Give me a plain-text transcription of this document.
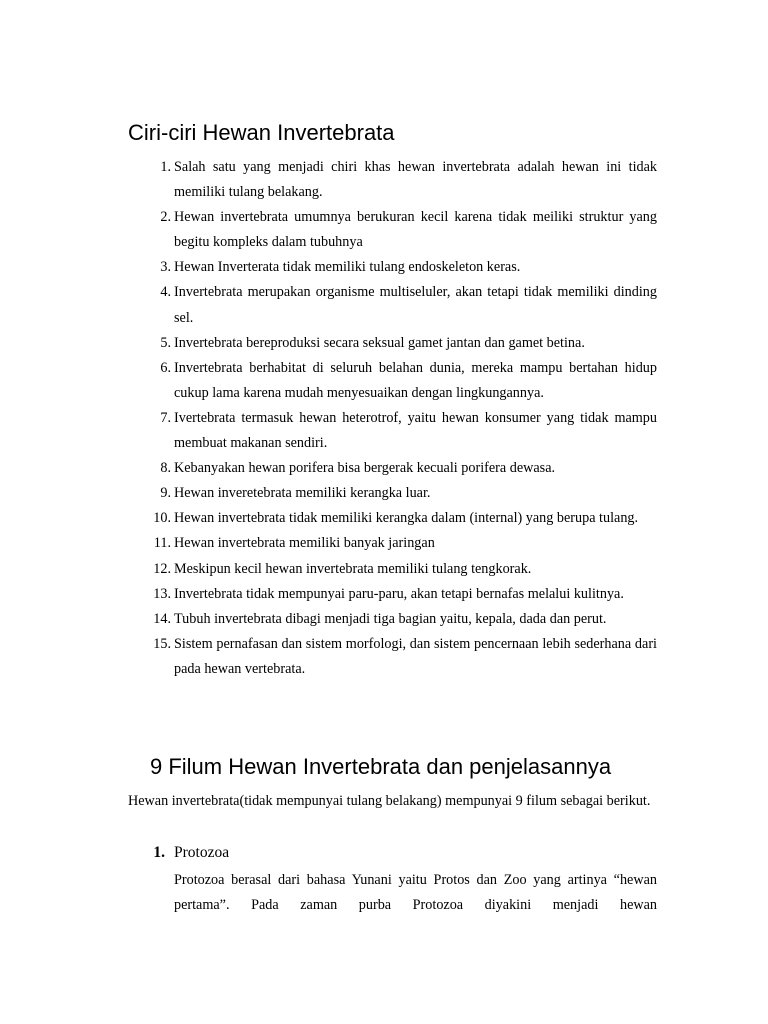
Ciri-ciri Hewan Invertebrata
1. Salah satu yang menjadi chiri khas hewan invertebrata adalah hewan ini tidak memiliki tulang belakang.
2. Hewan invertebrata umumnya berukuran kecil karena tidak meiliki struktur yang begitu kompleks dalam tubuhnya
3. Hewan Inverterata tidak memiliki tulang endoskeleton keras.
4. Invertebrata merupakan organisme multiseluler, akan tetapi tidak memiliki dinding sel.
5. Invertebrata bereproduksi secara seksual gamet jantan dan gamet betina.
6. Invertebrata berhabitat di seluruh belahan dunia, mereka mampu bertahan hidup cukup lama karena mudah menyesuaikan dengan lingkungannya.
7. Ivertebrata termasuk hewan heterotrof, yaitu hewan konsumer yang tidak mampu membuat makanan sendiri.
8. Kebanyakan hewan porifera bisa bergerak kecuali porifera dewasa.
9. Hewan inveretebrata memiliki kerangka luar.
10. Hewan invertebrata tidak memiliki kerangka dalam (internal) yang berupa tulang.
11. Hewan invertebrata memiliki banyak jaringan
12. Meskipun kecil hewan invertebrata memiliki tulang tengkorak.
13. Invertebrata tidak mempunyai paru-paru, akan tetapi bernafas melalui kulitnya.
14. Tubuh invertebrata dibagi menjadi tiga bagian yaitu, kepala, dada dan perut.
15. Sistem pernafasan dan sistem morfologi, dan sistem pencernaan lebih sederhana dari pada hewan vertebrata.
9 Filum Hewan Invertebrata dan penjelasannya

Hewan invertebrata(tidak mempunyai tulang belakang) mempunyai 9 filum sebagai berikut.

1. Protozoa

Protozoa berasal dari bahasa Yunani yaitu Protos dan Zoo yang artinya “hewan pertama”. Pada zaman purba Protozoa diyakini menjadi hewan
